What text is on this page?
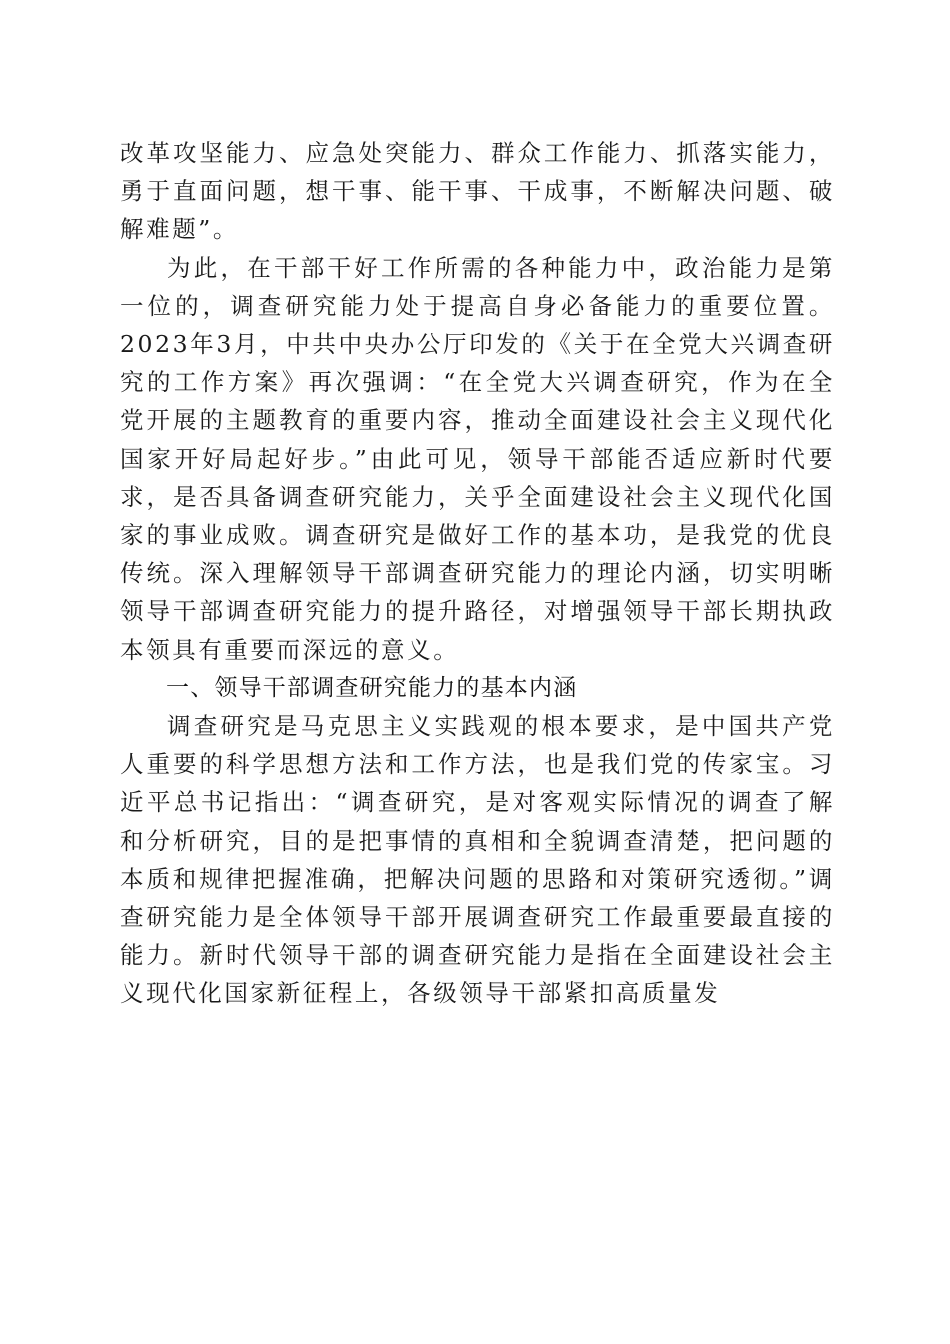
改革攻坚能力、应急处突能力、群众工作能力、抓落实能力，勇于直面问题，想干事、能干事、干成事，不断解决问题、破解难题”。

为此，在干部干好工作所需的各种能力中，政治能力是第一位的，调查研究能力处于提高自身必备能力的重要位置。2023年3月，中共中央办公厅印发的《关于在全党大兴调查研究的工作方案》再次强调：“在全党大兴调查研究，作为在全党开展的主题教育的重要内容，推动全面建设社会主义现代化国家开好局起好步。”由此可见，领导干部能否适应新时代要求，是否具备调查研究能力，关乎全面建设社会主义现代化国家的事业成败。调查研究是做好工作的基本功，是我党的优良传统。深入理解领导干部调查研究能力的理论内涵，切实明晰领导干部调查研究能力的提升路径，对增强领导干部长期执政本领具有重要而深远的意义。

一、领导干部调查研究能力的基本内涵

调查研究是马克思主义实践观的根本要求，是中国共产党人重要的科学思想方法和工作方法，也是我们党的传家宝。习近平总书记指出：“调查研究，是对客观实际情况的调查了解和分析研究，目的是把事情的真相和全貌调查清楚，把问题的本质和规律把握准确，把解决问题的思路和对策研究透彻。”调查研究能力是全体领导干部开展调查研究工作最重要最直接的能力。新时代领导干部的调查研究能力是指在全面建设社会主义现代化国家新征程上，各级领导干部紧扣高质量发
